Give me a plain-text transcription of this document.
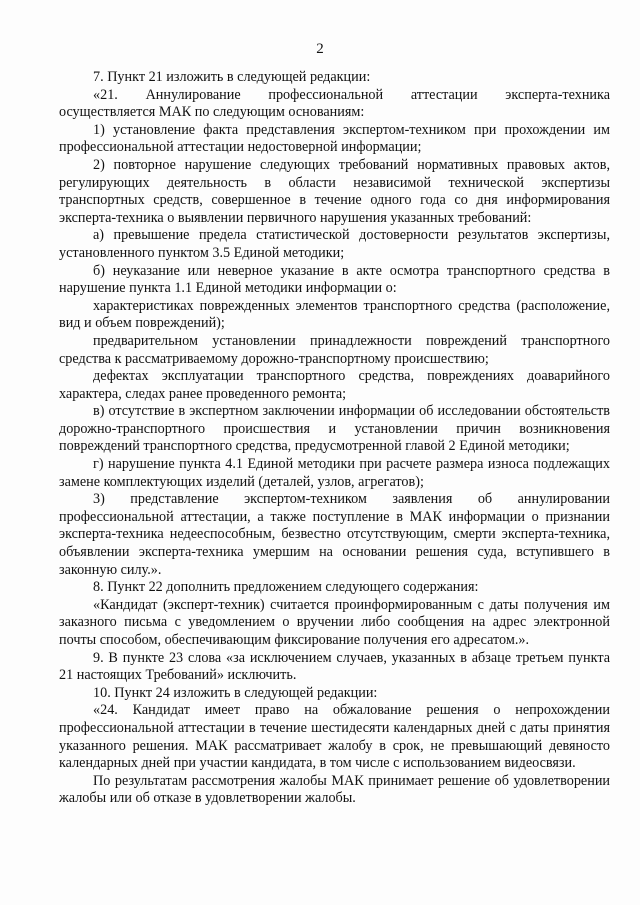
2

7. Пункт 21 изложить в следующей редакции:

«21. Аннулирование профессиональной аттестации эксперта-техника осуществляется МАК по следующим основаниям:

1) установление факта представления экспертом-техником при прохождении им профессиональной аттестации недостоверной информации;

2) повторное нарушение следующих требований нормативных правовых актов, регулирующих деятельность в области независимой технической экспертизы транспортных средств, совершенное в течение одного года со дня информирования эксперта-техника о выявлении первичного нарушения указанных требований:

а) превышение предела статистической достоверности результатов экспертизы, установленного пунктом 3.5 Единой методики;

б) неуказание или неверное указание в акте осмотра транспортного средства в нарушение пункта 1.1 Единой методики информации о:

характеристиках поврежденных элементов транспортного средства (расположение, вид и объем повреждений);

предварительном установлении принадлежности повреждений транспортного средства к рассматриваемому дорожно-транспортному происшествию;

дефектах эксплуатации транспортного средства, повреждениях доаварийного характера, следах ранее проведенного ремонта;

в) отсутствие в экспертном заключении информации об исследовании обстоятельств дорожно-транспортного происшествия и установлении причин возникновения повреждений транспортного средства, предусмотренной главой 2 Единой методики;

г) нарушение пункта 4.1 Единой методики при расчете размера износа подлежащих замене комплектующих изделий (деталей, узлов, агрегатов);

3) представление экспертом-техником заявления об аннулировании профессиональной аттестации, а также поступление в МАК информации о признании эксперта-техника недееспособным, безвестно отсутствующим, смерти эксперта-техника, объявлении эксперта-техника умершим на основании решения суда, вступившего в законную силу.».

8. Пункт 22 дополнить предложением следующего содержания:

«Кандидат (эксперт-техник) считается проинформированным с даты получения им заказного письма с уведомлением о вручении либо сообщения на адрес электронной почты способом, обеспечивающим фиксирование получения его адресатом.».

9. В пункте 23 слова «за исключением случаев, указанных в абзаце третьем пункта 21 настоящих Требований» исключить.

10. Пункт 24 изложить в следующей редакции:

«24. Кандидат имеет право на обжалование решения о непрохождении профессиональной аттестации в течение шестидесяти календарных дней с даты принятия указанного решения. МАК рассматривает жалобу в срок, не превышающий девяносто календарных дней при участии кандидата, в том числе с использованием видеосвязи.

По результатам рассмотрения жалобы МАК принимает решение об удовлетворении жалобы или об отказе в удовлетворении жалобы.
